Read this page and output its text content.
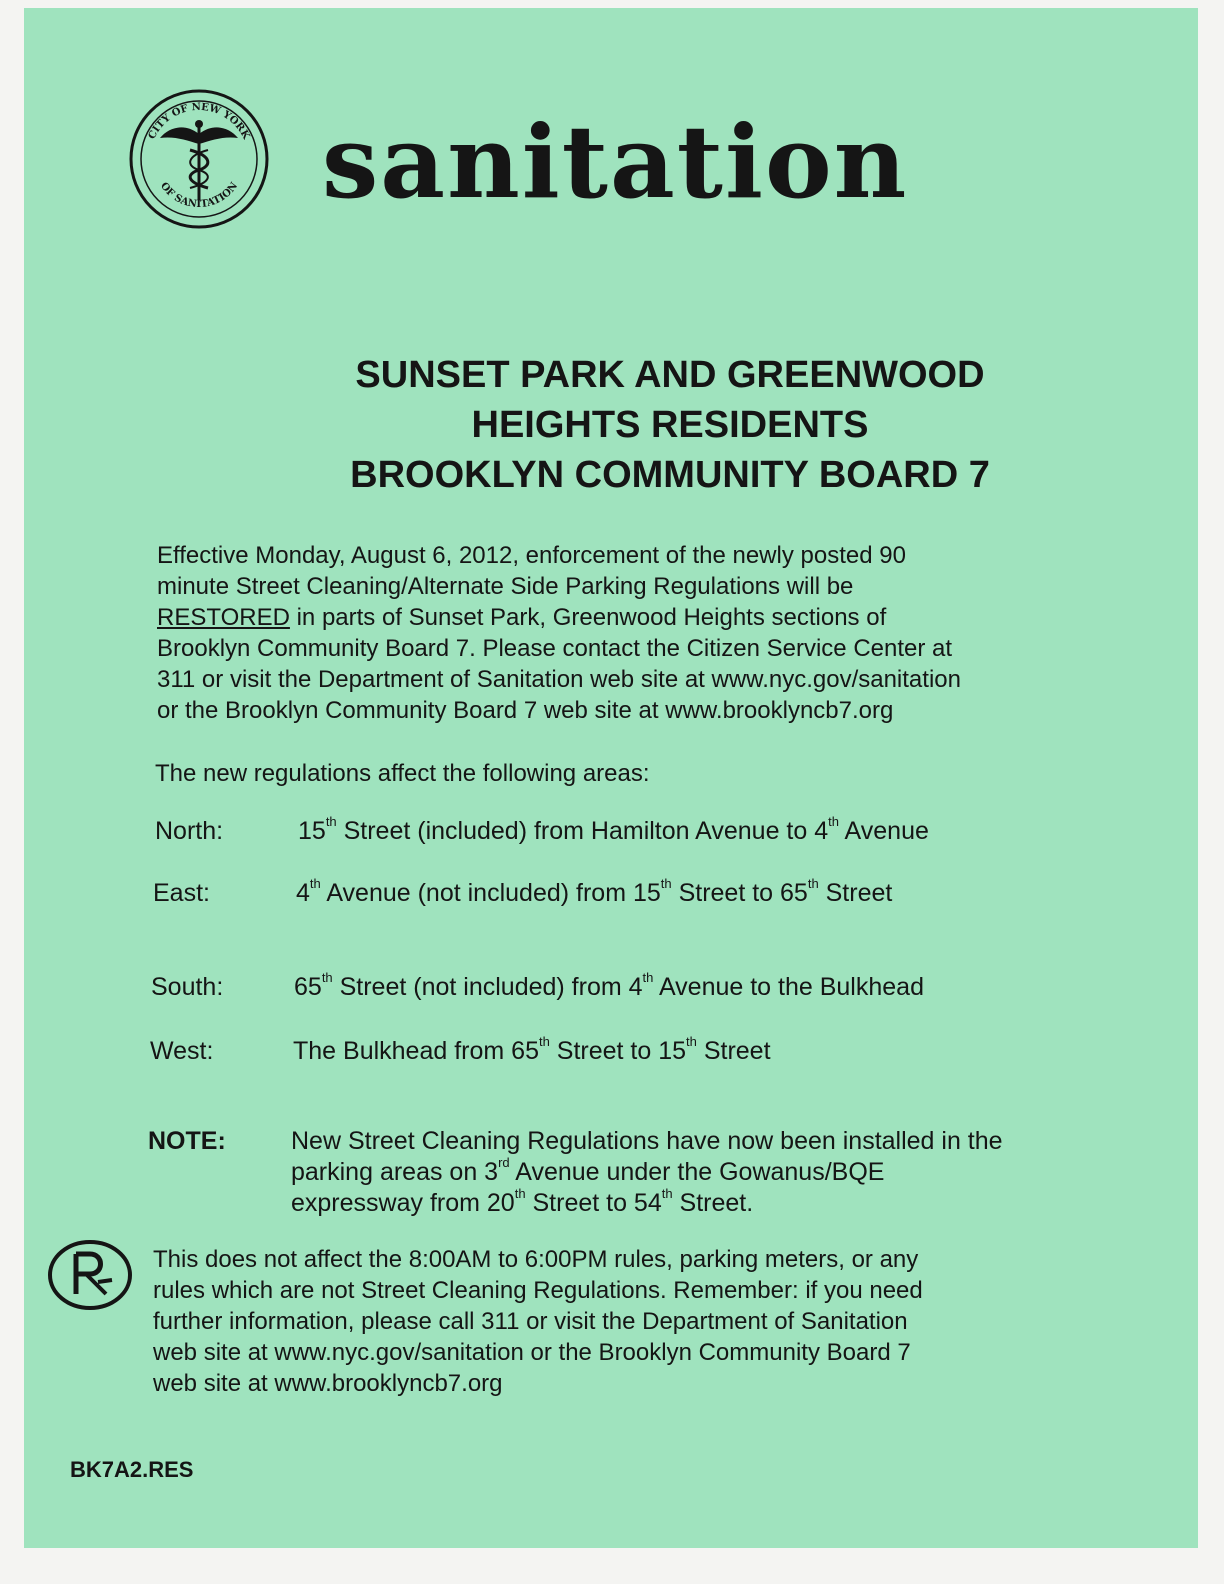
CITY OF NEW YORK
OF SANITATION sanitation
SUNSET PARK AND GREENWOOD
HEIGHTS RESIDENTS
BROOKLYN COMMUNITY BOARD 7
Effective Monday, August 6, 2012, enforcement of the newly posted 90
minute Street Cleaning/Alternate Side Parking Regulations will be
RESTORED in parts of Sunset Park, Greenwood Heights sections of
Brooklyn Community Board 7. Please contact the Citizen Service Center at
311 or visit the Department of Sanitation web site at www.nyc.gov/sanitation
or the Brooklyn Community Board 7 web site at www.brooklyncb7.org
The new regulations affect the following areas:
North:	15th Street (included) from Hamilton Avenue to 4th Avenue
East:	4th Avenue (not included) from 15th Street to 65th Street
South:	65th Street (not included) from 4th Avenue to the Bulkhead
West:	The Bulkhead from 65th Street to 15th Street
NOTE:	New Street Cleaning Regulations have now been installed in the
parking areas on 3rd Avenue under the Gowanus/BQE
expressway from 20th Street to 54th Street.
This does not affect the 8:00AM to 6:00PM rules, parking meters, or any
rules which are not Street Cleaning Regulations. Remember: if you need
further information, please call 311 or visit the Department of Sanitation
web site at www.nyc.gov/sanitation or the Brooklyn Community Board 7
web site at www.brooklyncb7.org
BK7A2.RES
